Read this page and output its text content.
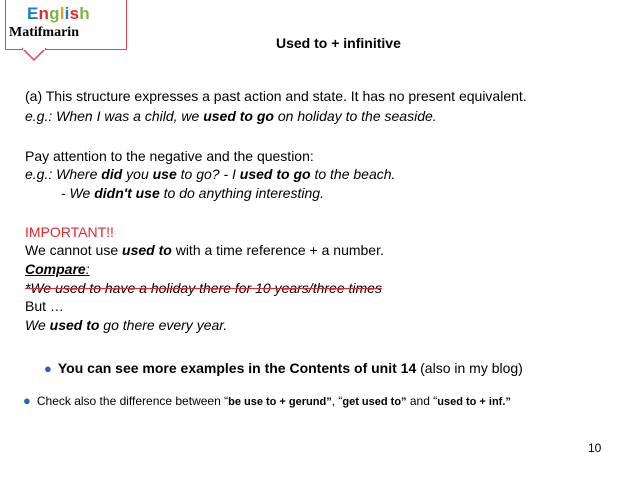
English
Matifmarin
Used to + infinitive
(a) This structure expresses a past action and state. It has no present equivalent.
e.g.: When I was a child, we used to go on holiday to the seaside.
Pay attention to the negative and the question:
e.g.: Where did you use to go? - I used to go to the beach.
- We didn't use to do anything interesting.
IMPORTANT!!
We cannot use used to with a time reference + a number.
Compare:
*We used to have a holiday there for 10 years/three times
But …
We used to go there every year.
● You can see more examples in the Contents of unit 14 (also in my blog)
● Check also the difference between “be use to + gerund”, “get used to” and “used to + inf.”
10
